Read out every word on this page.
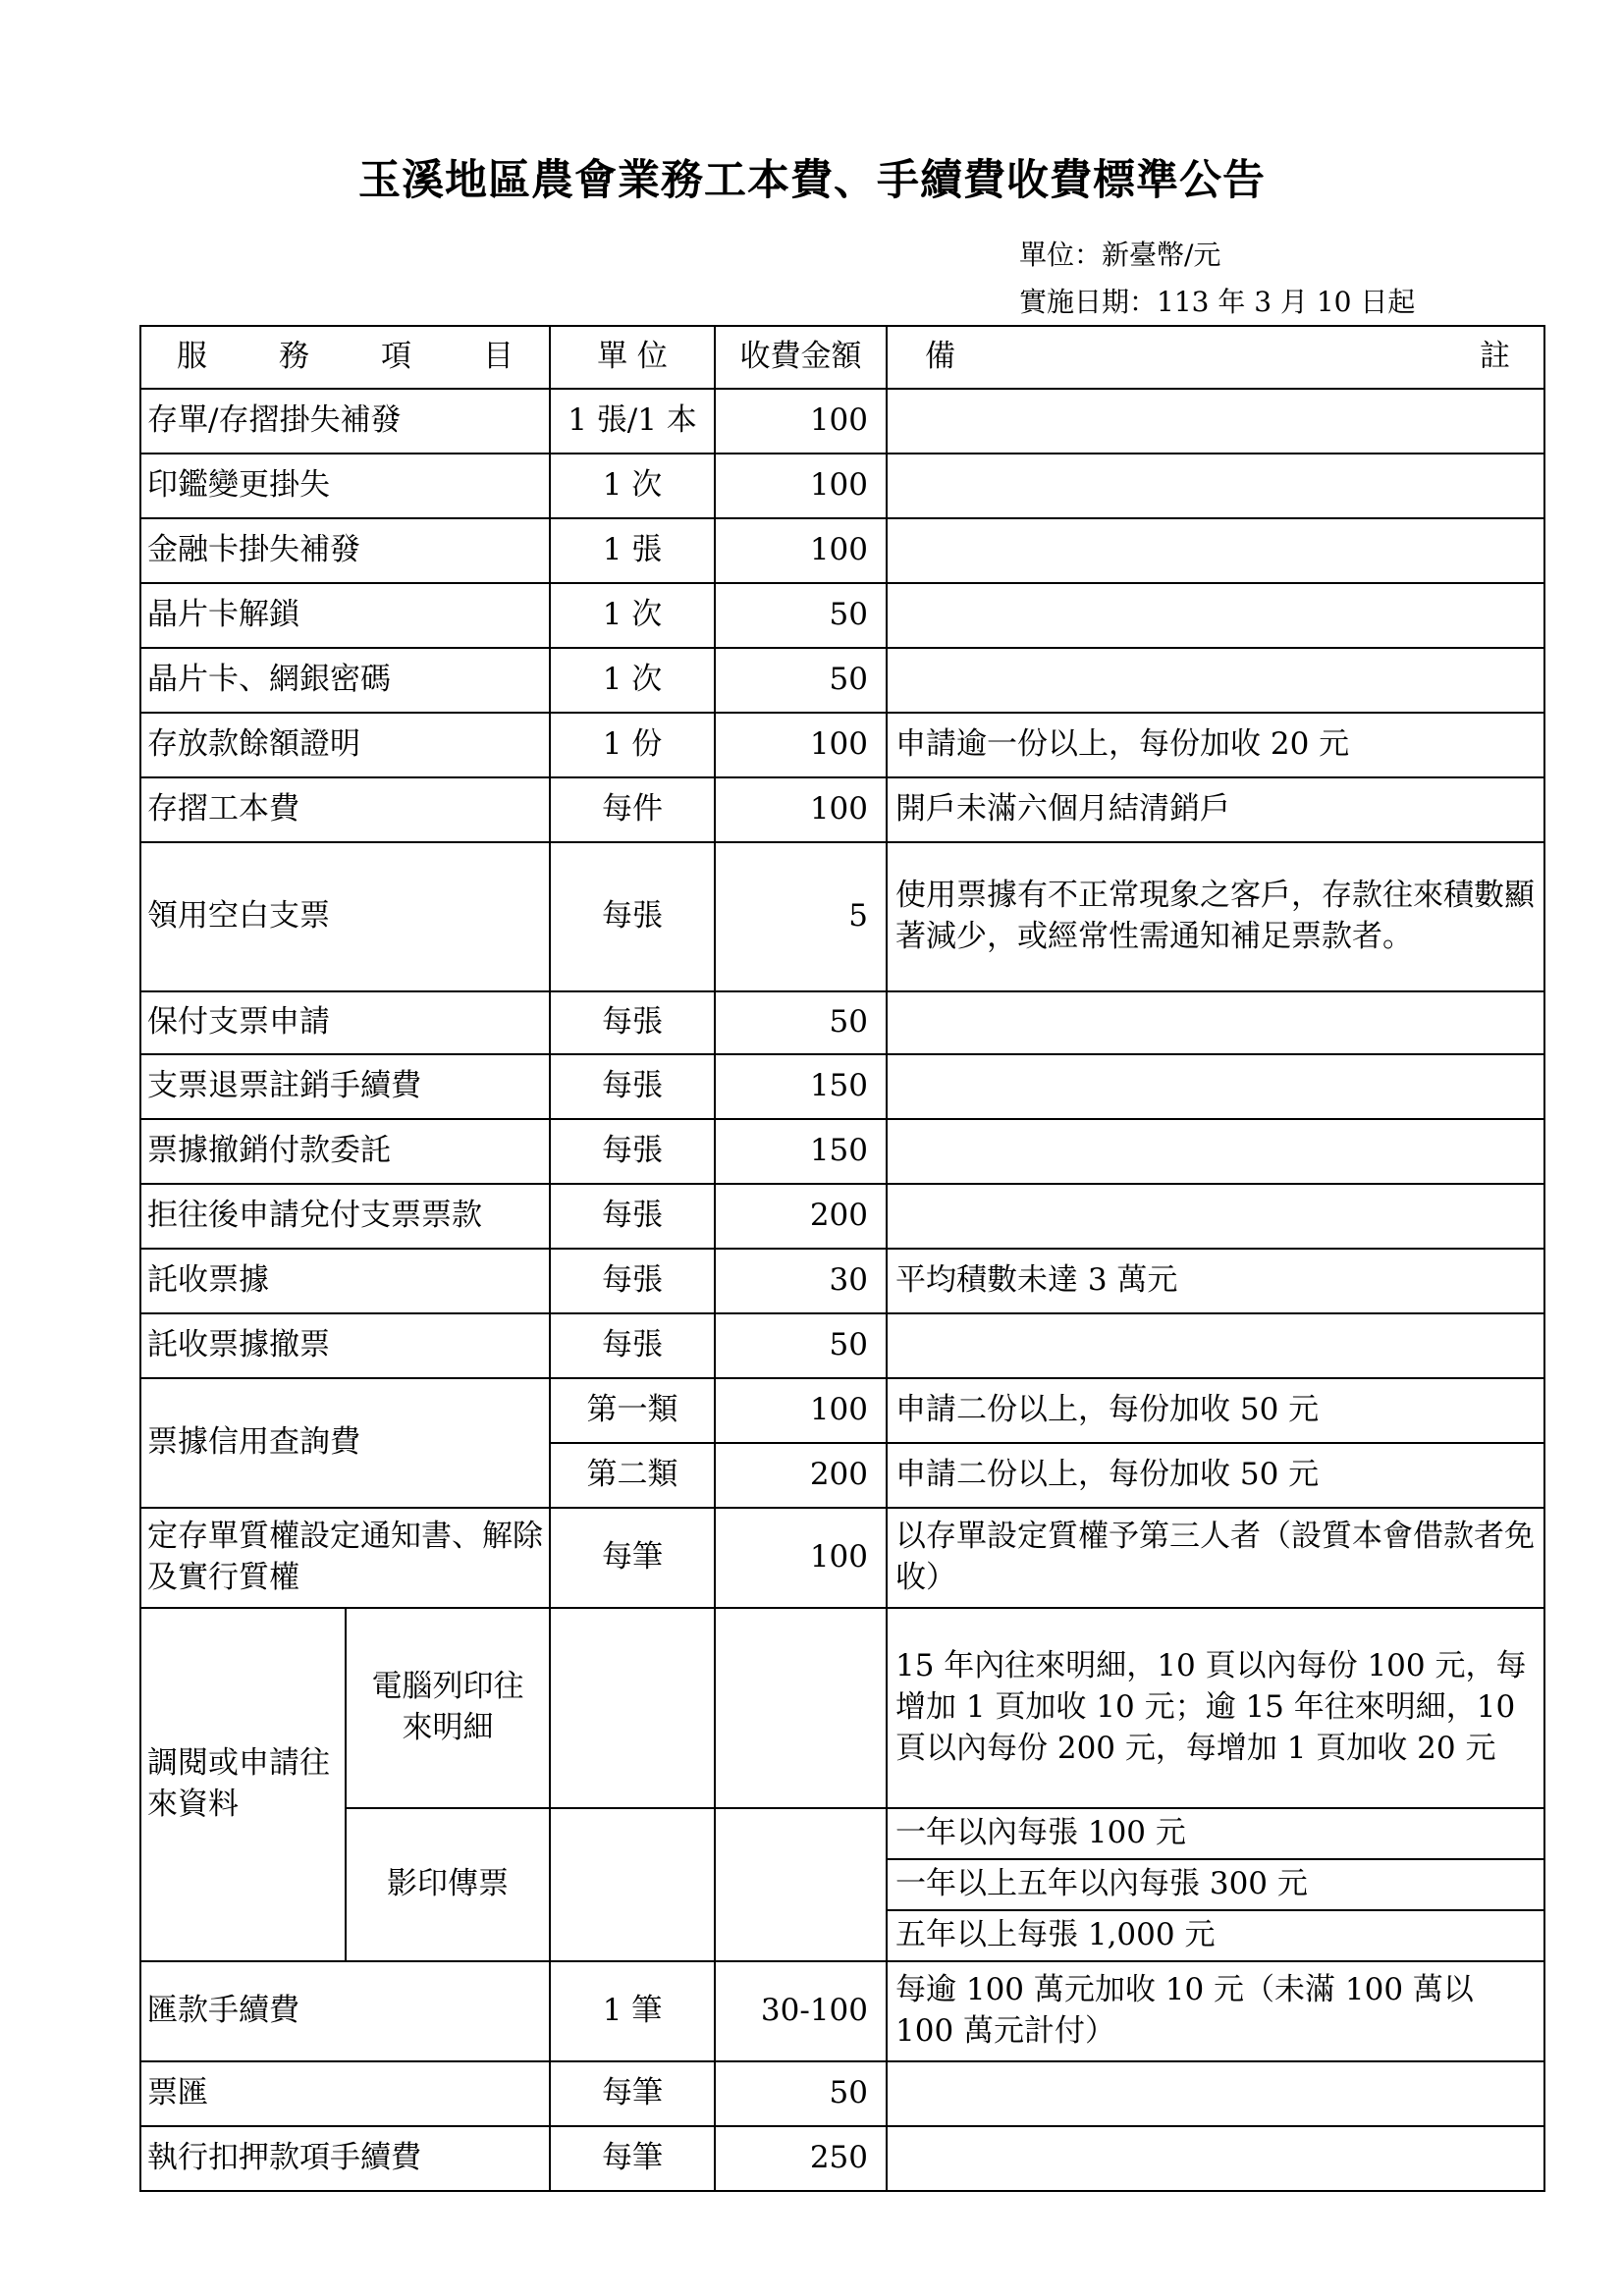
玉溪地區農會業務工本費、手續費收費標準公告
單位：新臺幣/元
實施日期：113 年 3 月 10 日起
服 務 項 目		單 位	收費金額	備 註

存單/存摺掛失補發		1 張/1 本	100	
印鑑變更掛失		1 次	100	
金融卡掛失補發		1 張	100	
晶片卡解鎖		1 次	50	
晶片卡、網銀密碼		1 次	50	
存放款餘額證明		1 份	100	申請逾一份以上，每份加收 20 元
存摺工本費		每件	100	開戶未滿六個月結清銷戶
領用空白支票		每張	5	使用票據有不正常現象之客戶，存款往來積數顯著減少，或經常性需通知補足票款者。
保付支票申請		每張	50	
支票退票註銷手續費		每張	150	
票據撤銷付款委託		每張	150	
拒往後申請兌付支票票款		每張	200	
託收票據		每張	30	平均積數未達 3 萬元
託收票據撤票		每張	50	
票據信用查詢費		第一類	100	申請二份以上，每份加收 50 元
		第二類	200	申請二份以上，每份加收 50 元
定存單質權設定通知書、解除及實行質權		每筆	100	以存單設定質權予第三人者（設質本會借款者免收）
調閱或申請往來資料	電腦列印往來明細			15 年內往來明細，10 頁以內每份 100 元，每增加 1 頁加收 10 元；逾 15 年往來明細，10 頁以內每份 200 元，每增加 1 頁加收 20 元
	影印傳票			一年以內每張 100 元
				一年以上五年以內每張 300 元
				五年以上每張 1,000 元
匯款手續費		1 筆	30-100	每逾 100 萬元加收 10 元（未滿 100 萬以 100 萬元計付）
票匯		每筆	50	
執行扣押款項手續費		每筆	250	
